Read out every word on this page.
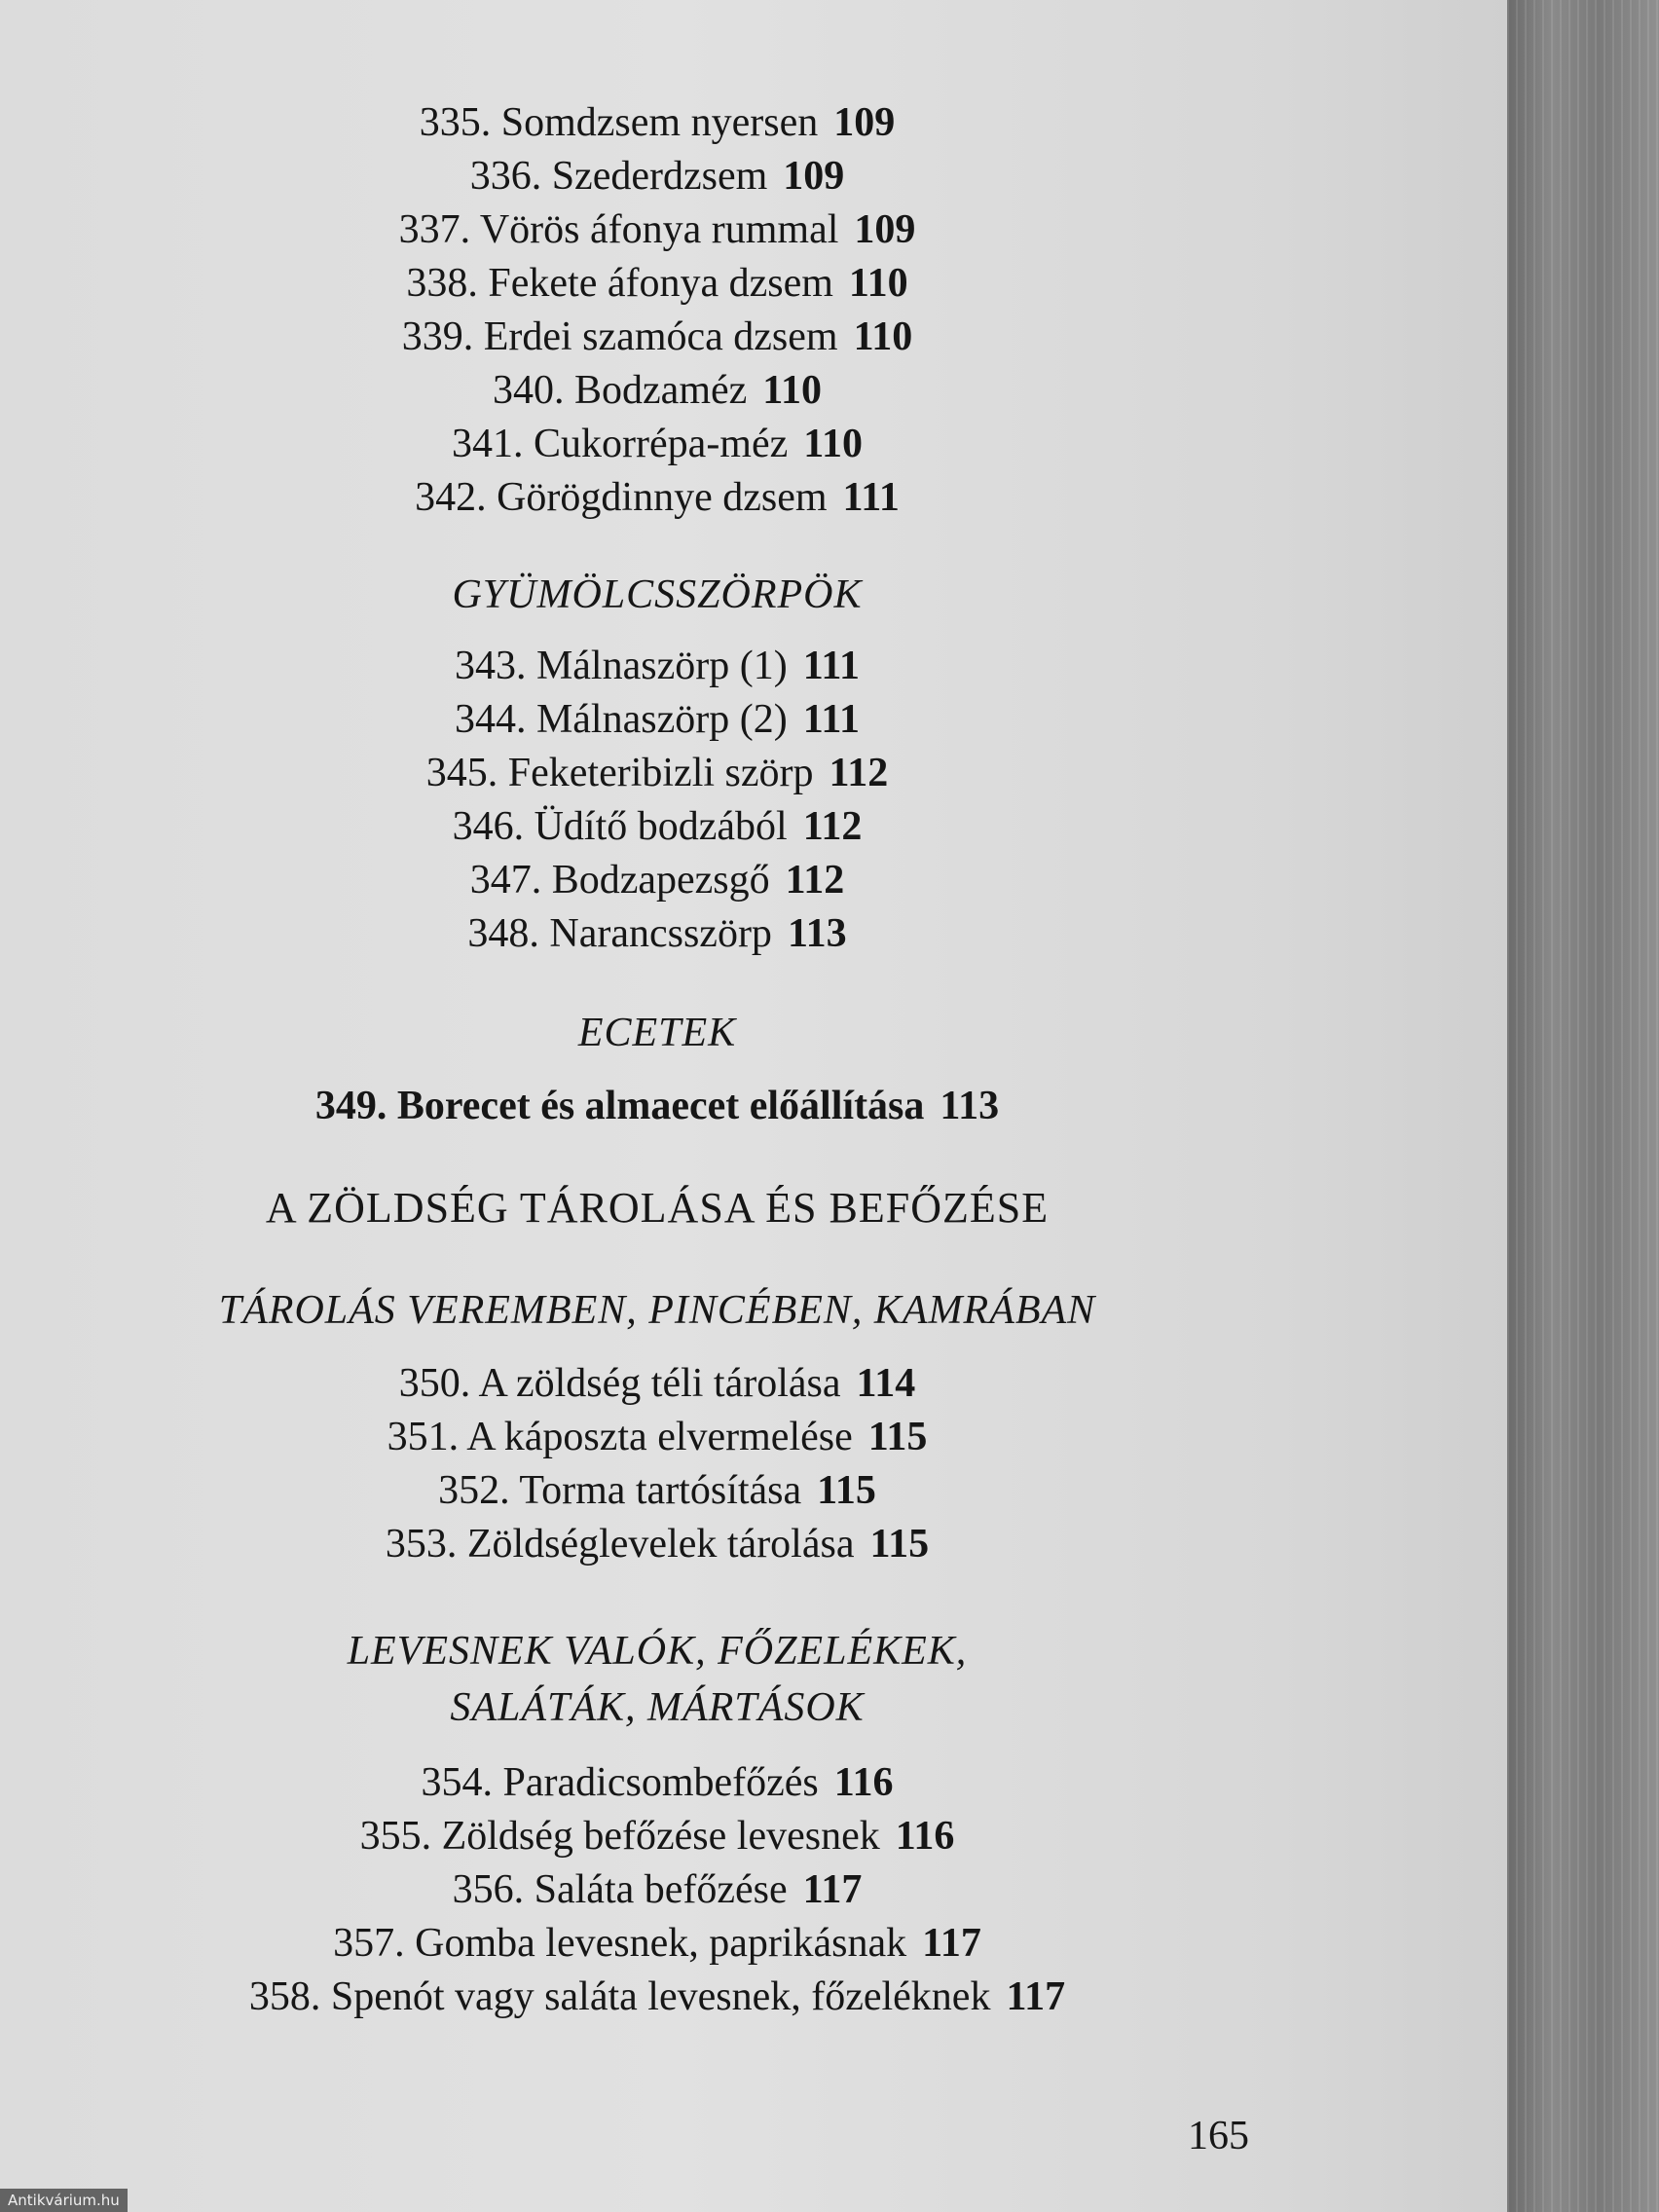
335. Somdzsem nyersen 109
336. Szederdzsem 109
337. Vörös áfonya rummal 109
338. Fekete áfonya dzsem 110
339. Erdei szamóca dzsem 110
340. Bodzaméz 110
341. Cukorrépa-méz 110
342. Görögdinnye dzsem 111
GYÜMÖLCSSZÖRPÖK
343. Málnaszörp (1) 111
344. Málnaszörp (2) 111
345. Feketeribizli szörp 112
346. Üdítő bodzából 112
347. Bodzapezsgő 112
348. Narancsszörp 113
ECETEK
349. Borecet és almaecet előállítása 113
A ZÖLDSÉG TÁROLÁSA ÉS BEFŐZÉSE
TÁROLÁS VEREMBEN, PINCÉBEN, KAMRÁBAN
350. A zöldség téli tárolása 114
351. A káposzta elvermelése 115
352. Torma tartósítása 115
353. Zöldséglevelek tárolása 115
LEVESNEK VALÓK, FŐZELÉKEK,
SALÁTÁK, MÁRTÁSOK
354. Paradicsombefőzés 116
355. Zöldség befőzése levesnek 116
356. Saláta befőzése 117
357. Gomba levesnek, paprikásnak 117
358. Spenót vagy saláta levesnek, főzeléknek 117
165
Antikvárium.hu
